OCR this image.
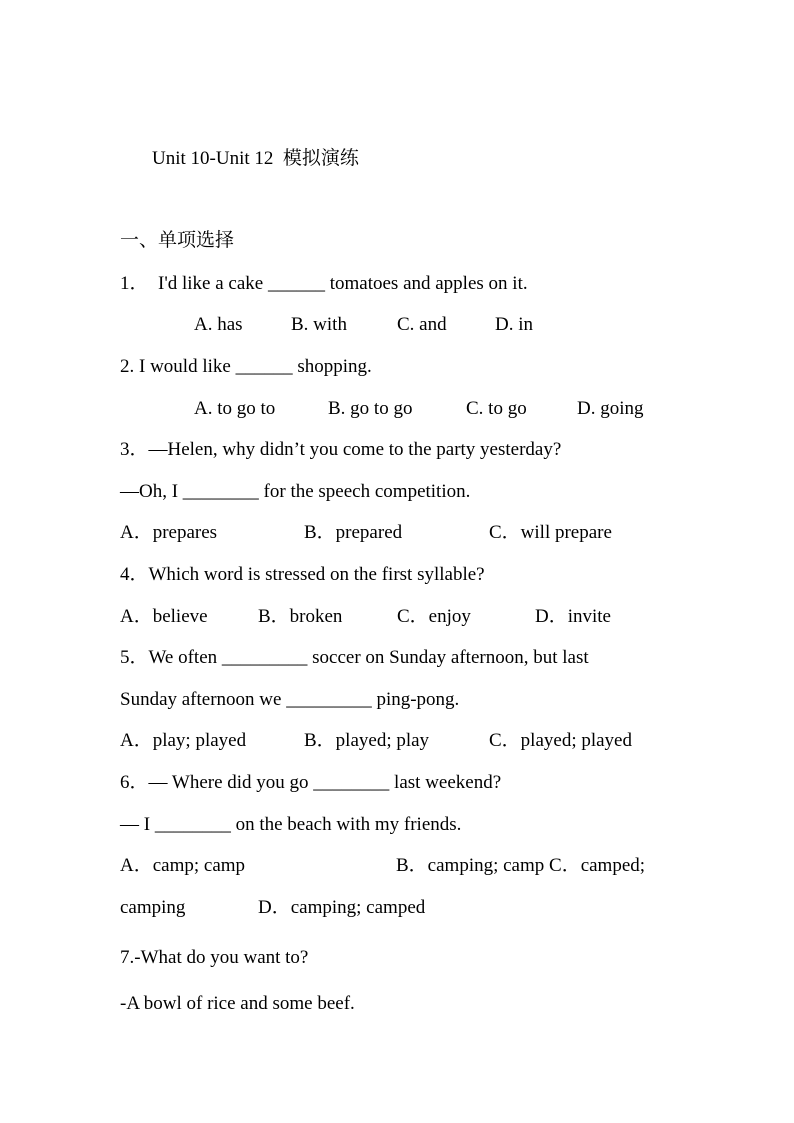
Unit 10-Unit 12  模拟演练
一、单项选择
1．  I'd like a cake ______ tomatoes and apples on it.
A. has	B. with	C. and	D. in
2. I would like ______ shopping.
A. to go to	B. go to go	C. to go	D. going
3．—Helen, why didn’t you come to the party yesterday?
—Oh, I ________ for the speech competition.
A．prepares	B．prepared	C．will prepare
4．Which word is stressed on the first syllable?
A．believe	B．broken	C．enjoy	D．invite
5．We often _________ soccer on Sunday afternoon, but last
Sunday afternoon we _________ ping-pong.
A．play; played	B．played; play	C．played; played
6．— Where did you go ________ last weekend?
— I ________ on the beach with my friends.
A．camp; camp	B．camping; camp C．camped;
camping	D．camping; camped
7.-What do you want to?
-A bowl of rice and some beef.
